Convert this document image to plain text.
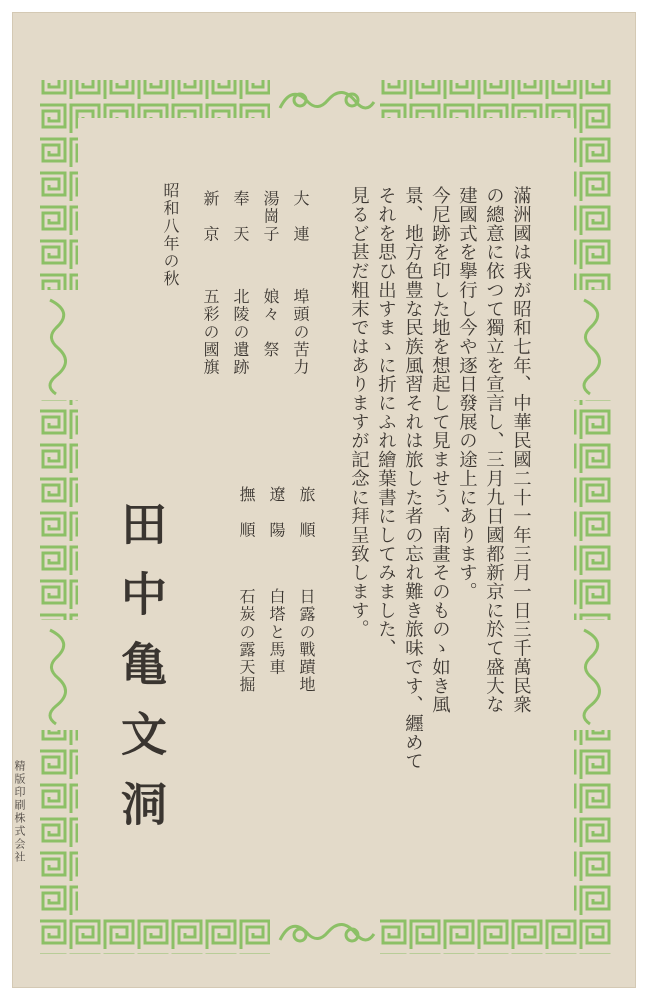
滿洲國は我が昭和七年、中華民國二十一年三月一日三千萬民衆
の總意に依つて獨立を宣言し、三月九日國都新京に於て盛大な
建國式を擧行し今や逐日發展の途上にあります。
今尼跡を印した地を想起して見ませう、南畫そのものゝ如き風
景、地方色豊な民族風習それは旅した者の忘れ難き旅味です、纒めて
それを思ひ出すまゝに折にふれ繪葉書にしてみました、
見るど甚だ粗末ではありますが記念に拜呈致します。
旅　順
日露の戰蹟地
遼　陽
白塔と馬車
撫　順
石炭の露天掘
大　連
埠頭の苦力
湯崗子
娘々　祭
奉　天
北陵の遺跡
新　京
五彩の國旗
昭和八年の秋
田中亀文洞
精版印刷株式会社
